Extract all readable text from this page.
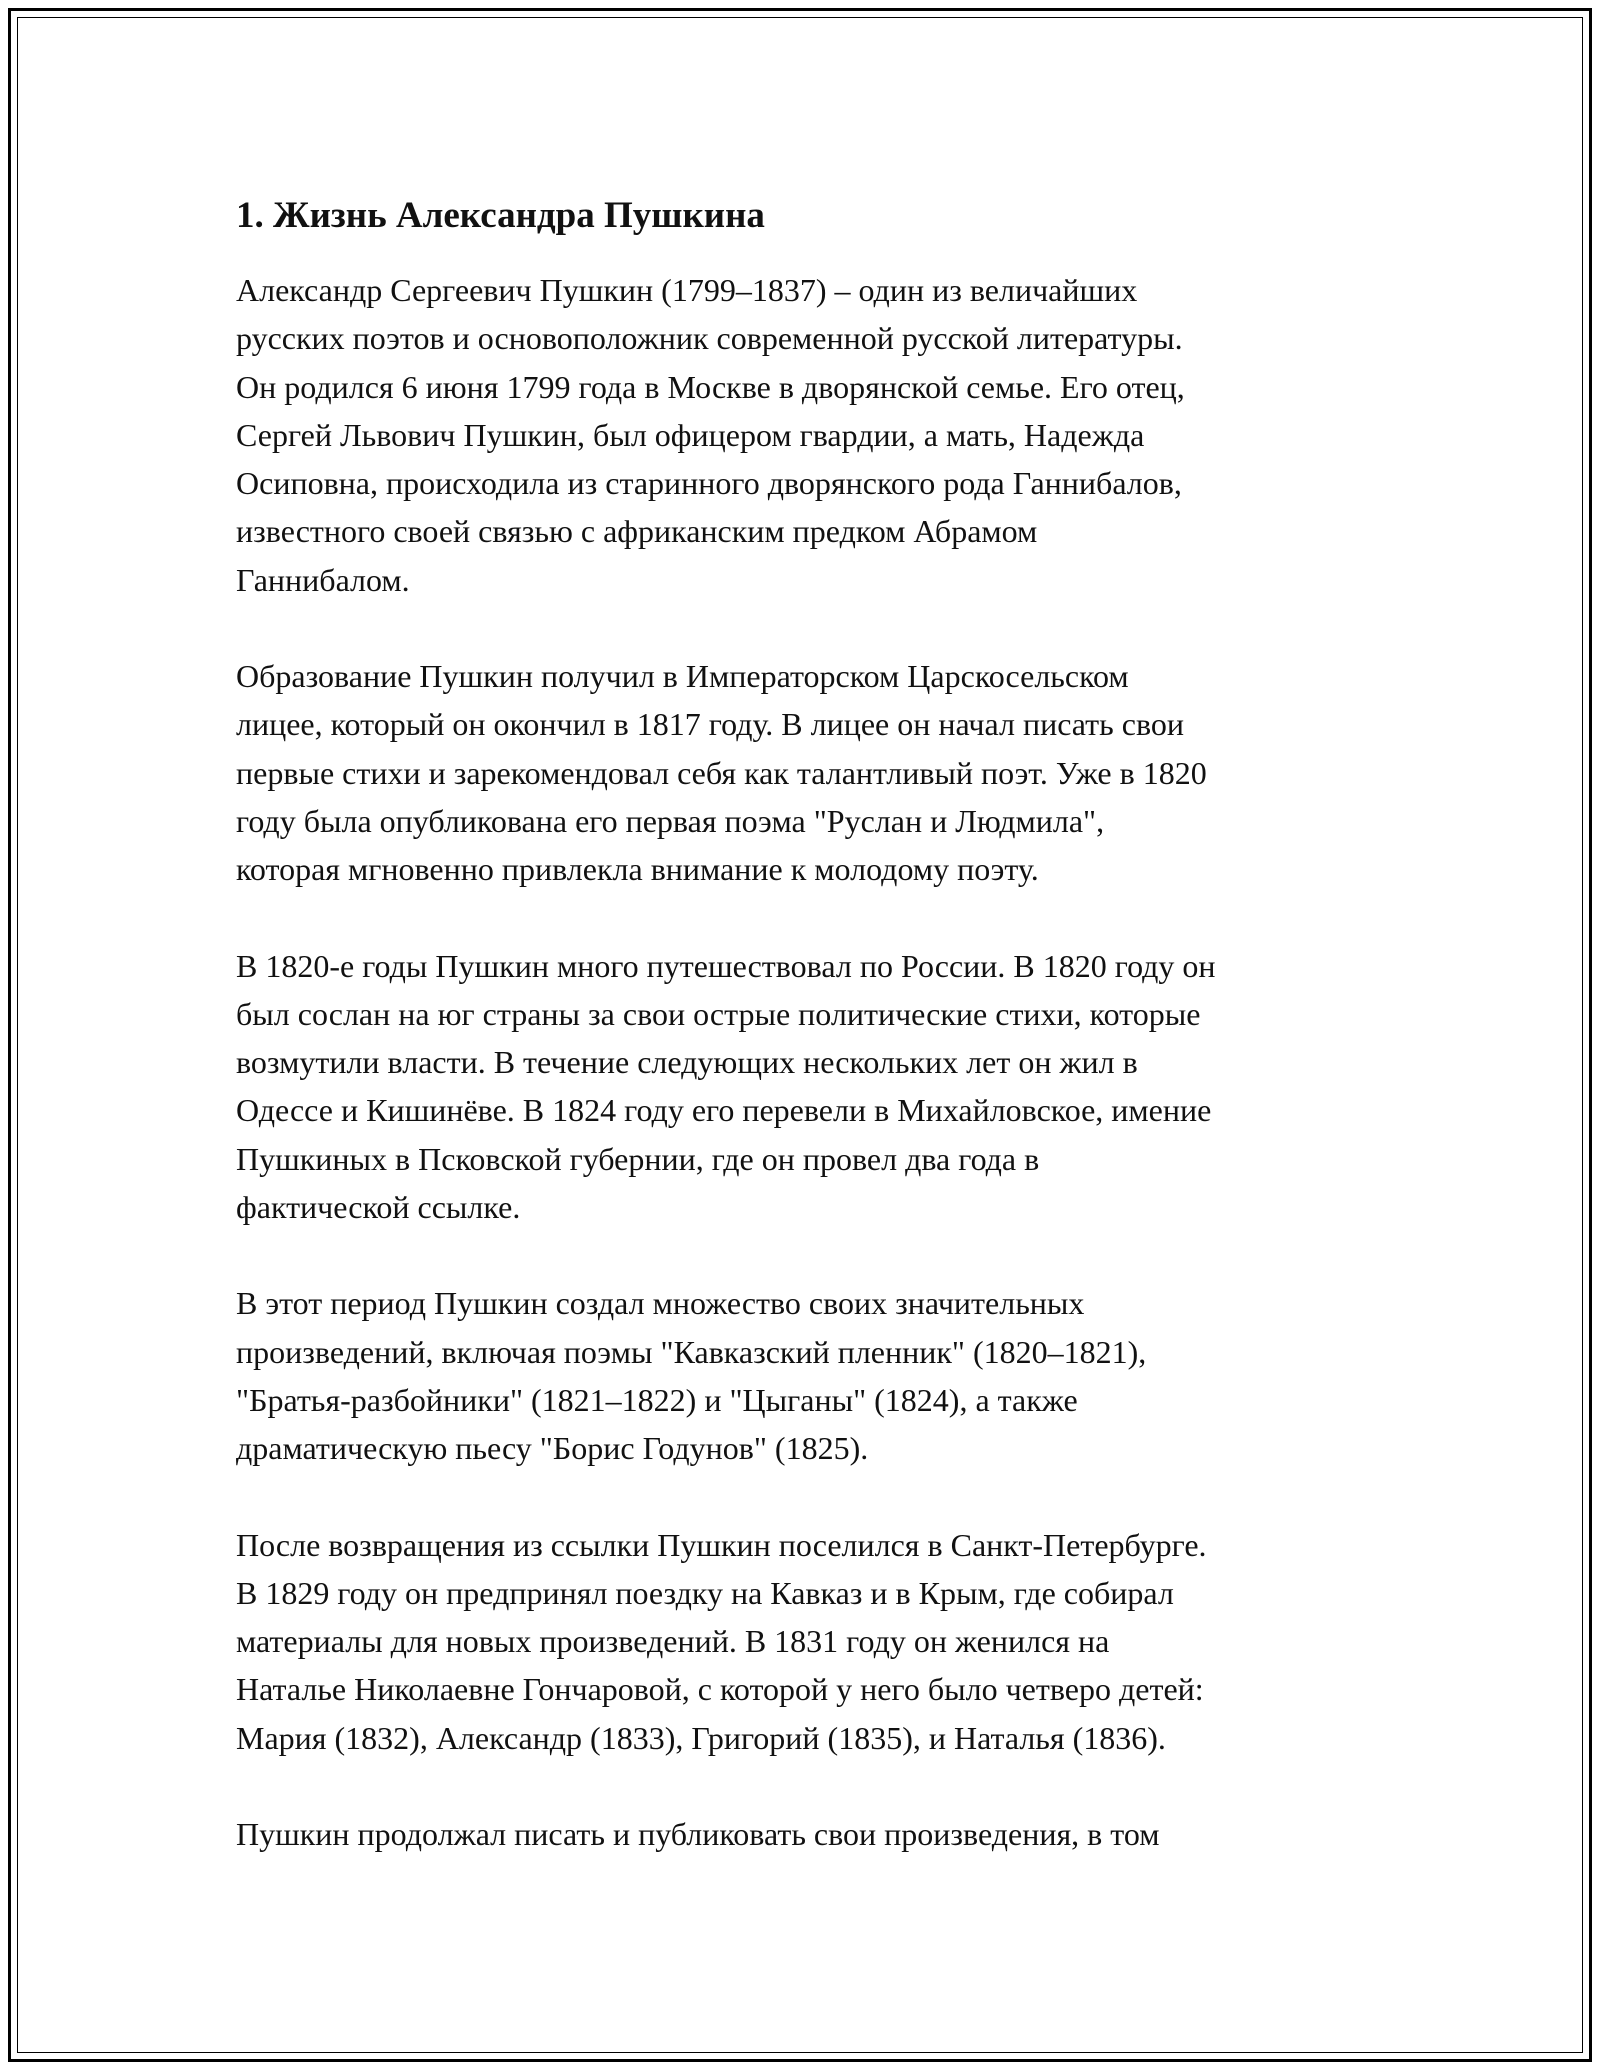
1. Жизнь Александра Пушкина

Александр Сергеевич Пушкин (1799–1837) – один из величайших
русских поэтов и основоположник современной русской литературы.
Он родился 6 июня 1799 года в Москве в дворянской семье. Его отец,
Сергей Львович Пушкин, был офицером гвардии, а мать, Надежда
Осиповна, происходила из старинного дворянского рода Ганнибалов,
известного своей связью с африканским предком Абрамом
Ганнибалом.

Образование Пушкин получил в Императорском Царскосельском
лицее, который он окончил в 1817 году. В лицее он начал писать свои
первые стихи и зарекомендовал себя как талантливый поэт. Уже в 1820
году была опубликована его первая поэма "Руслан и Людмила",
которая мгновенно привлекла внимание к молодому поэту.

В 1820-е годы Пушкин много путешествовал по России. В 1820 году он
был сослан на юг страны за свои острые политические стихи, которые
возмутили власти. В течение следующих нескольких лет он жил в
Одессе и Кишинёве. В 1824 году его перевели в Михайловское, имение
Пушкиных в Псковской губернии, где он провел два года в
фактической ссылке.

В этот период Пушкин создал множество своих значительных
произведений, включая поэмы "Кавказский пленник" (1820–1821),
"Братья-разбойники" (1821–1822) и "Цыганы" (1824), а также
драматическую пьесу "Борис Годунов" (1825).

После возвращения из ссылки Пушкин поселился в Санкт-Петербурге.
В 1829 году он предпринял поездку на Кавказ и в Крым, где собирал
материалы для новых произведений. В 1831 году он женился на
Наталье Николаевне Гончаровой, с которой у него было четверо детей:
Мария (1832), Александр (1833), Григорий (1835), и Наталья (1836).

Пушкин продолжал писать и публиковать свои произведения, в том
